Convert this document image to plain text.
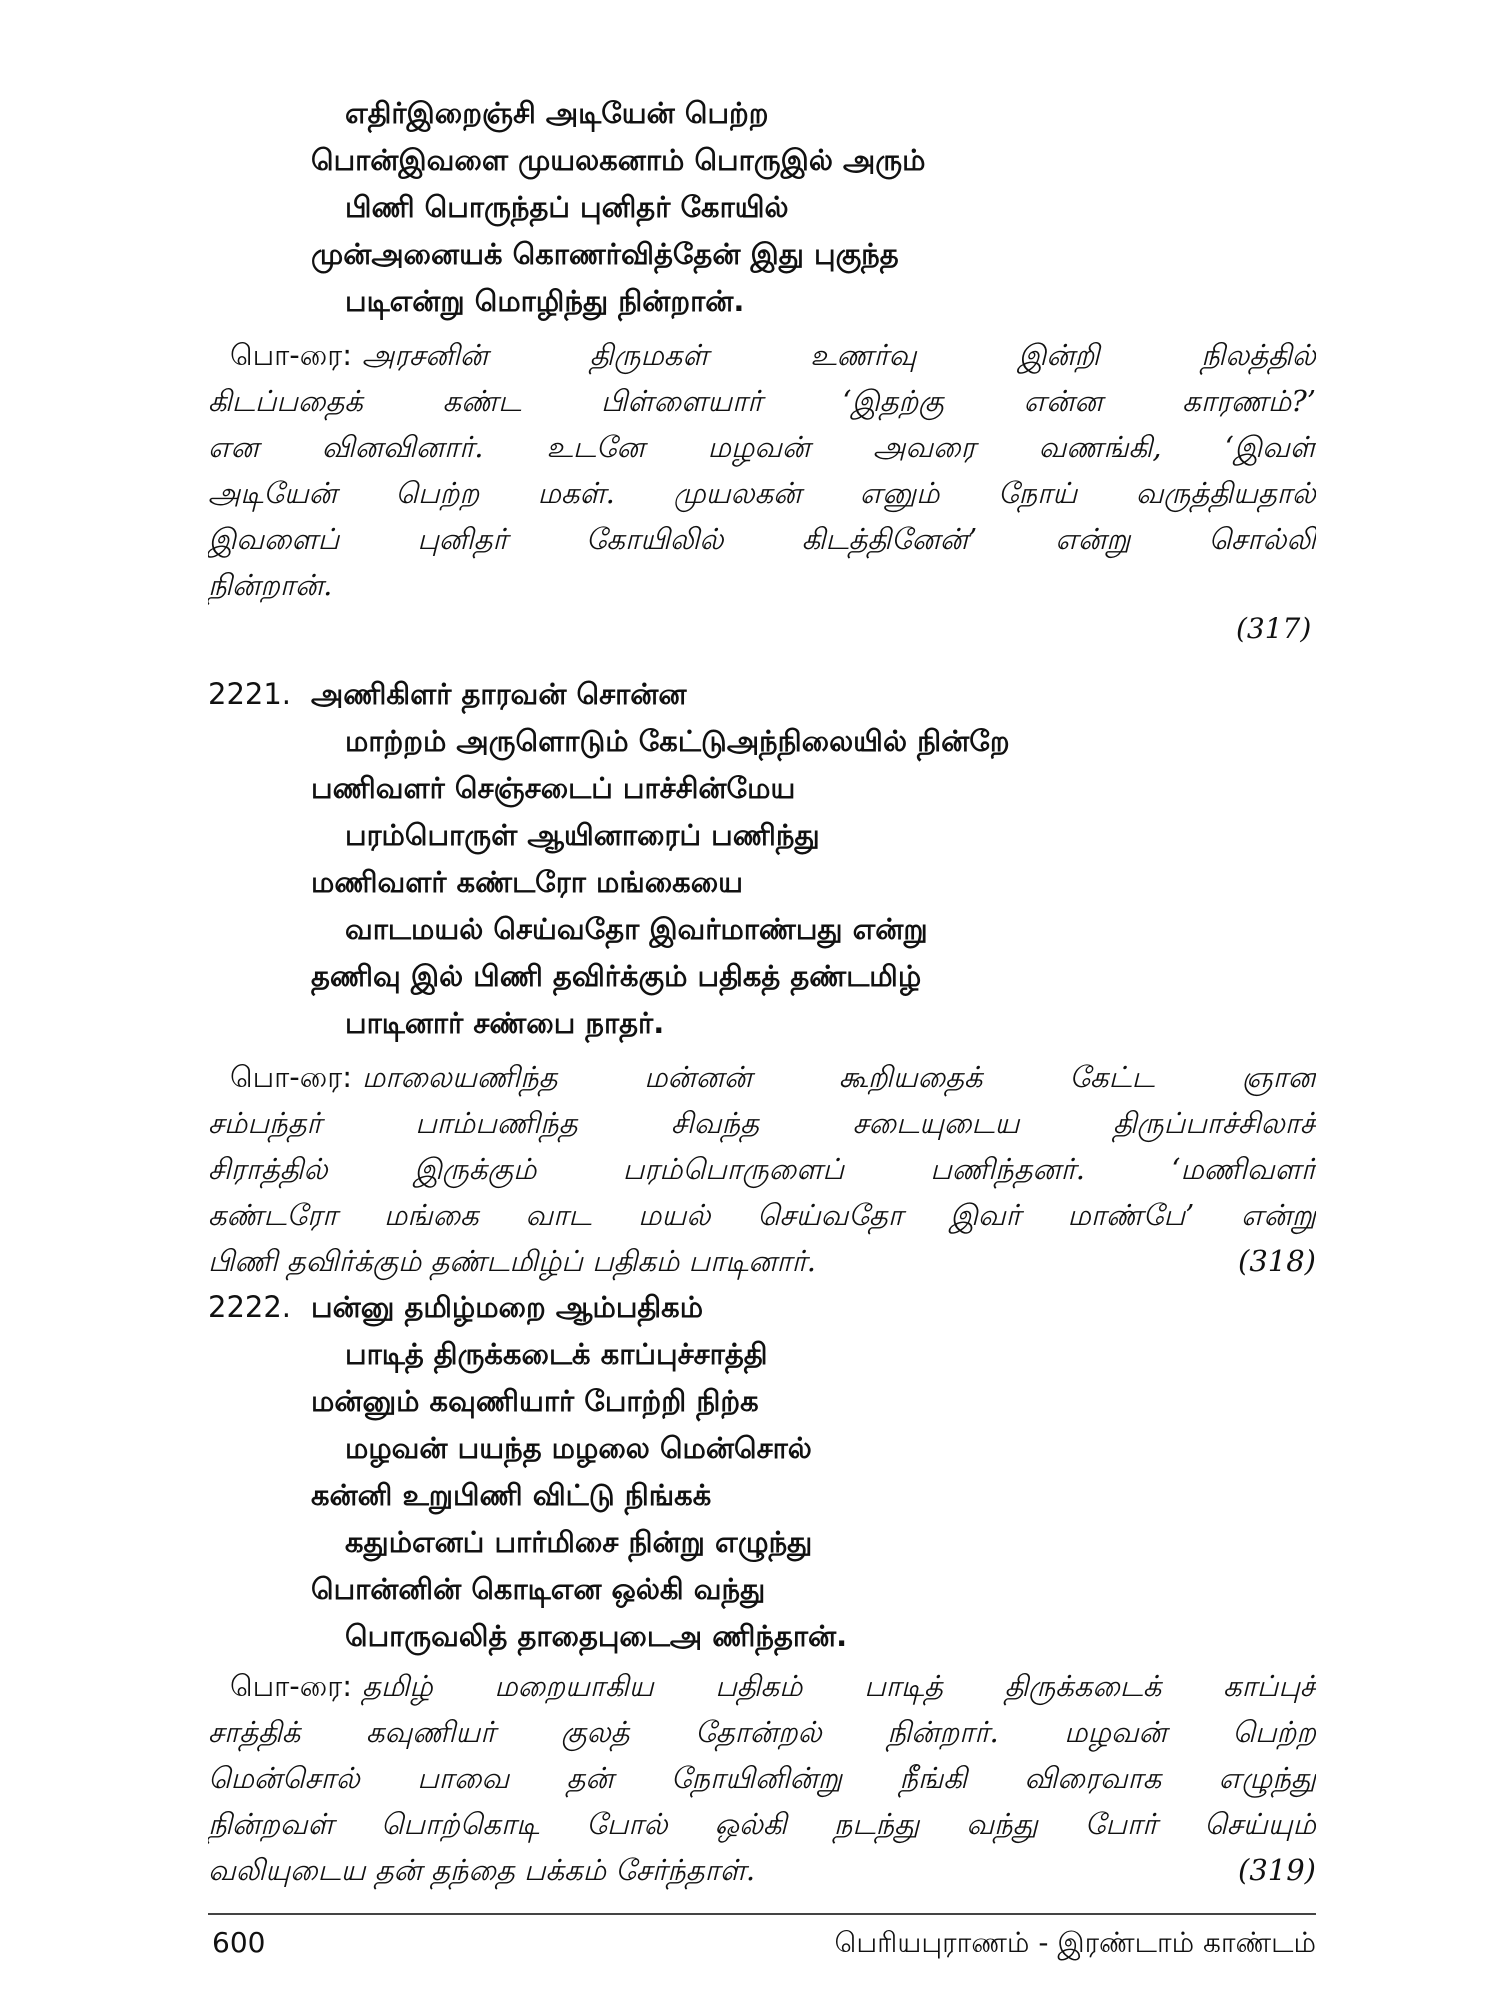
எதிர்இறைஞ்சி அடியேன் பெற்ற
பொன்இவளை முயலகனாம் பொருஇல் அரும்
பிணி பொருந்தப் புனிதர் கோயில்
முன்அனையக் கொணர்வித்தேன் இது புகுந்த
படிஎன்று மொழிந்து நின்றான்.
பொ-ரை: அரசனின் திருமகள் உணர்வு இன்றி நிலத்தில்
கிடப்பதைக் கண்ட பிள்ளையார் ‘இதற்கு என்ன காரணம்?’
என வினவினார். உடனே மழவன் அவரை வணங்கி, ‘இவள்
அடியேன் பெற்ற மகள். முயலகன் எனும் நோய் வருத்தியதால்
இவளைப் புனிதர் கோயிலில் கிடத்தினேன்’ என்று சொல்லி
நின்றான்.
(317)
2221. அணிகிளர் தாரவன் சொன்ன
மாற்றம் அருளொடும் கேட்டுஅந்நிலையில் நின்றே
பணிவளர் செஞ்சடைப் பாச்சின்மேய
பரம்பொருள் ஆயினாரைப் பணிந்து
மணிவளர் கண்டரோ மங்கையை
வாடமயல் செய்வதோ இவர்மாண்பது என்று
தணிவு இல் பிணி தவிர்க்கும் பதிகத் தண்டமிழ்
பாடினார் சண்பை நாதர்.
பொ-ரை: மாலையணிந்த மன்னன் கூறியதைக் கேட்ட ஞான
சம்பந்தர் பாம்பணிந்த சிவந்த சடையுடைய திருப்பாச்சிலாச்
சிராத்தில் இருக்கும் பரம்பொருளைப் பணிந்தனர். ‘மணிவளர்
கண்டரோ மங்கை வாட மயல் செய்வதோ இவர் மாண்பே’ என்று
பிணி தவிர்க்கும் தண்டமிழ்ப் பதிகம் பாடினார்.	(318)
2222. பன்னு தமிழ்மறை ஆம்பதிகம்
பாடித் திருக்கடைக் காப்புச்சாத்தி
மன்னும் கவுணியார் போற்றி நிற்க
மழவன் பயந்த மழலை மென்சொல்
கன்னி உறுபிணி விட்டு நிங்கக்
கதும்எனப் பார்மிசை நின்று எழுந்து
பொன்னின் கொடிஎன ஒல்கி வந்து
பொருவலித் தாதைபுடைஅ ணிந்தான்.
பொ-ரை: தமிழ் மறையாகிய பதிகம் பாடித் திருக்கடைக் காப்புச்
சாத்திக் கவுணியர் குலத் தோன்றல் நின்றார். மழவன் பெற்ற
மென்சொல் பாவை தன் நோயினின்று நீங்கி விரைவாக எழுந்து
நின்றவள் பொற்கொடி போல் ஒல்கி நடந்து வந்து போர் செய்யும்
வலியுடைய தன் தந்தை பக்கம் சேர்ந்தாள்.	(319)
600	பெரியபுராணம் - இரண்டாம் காண்டம்
